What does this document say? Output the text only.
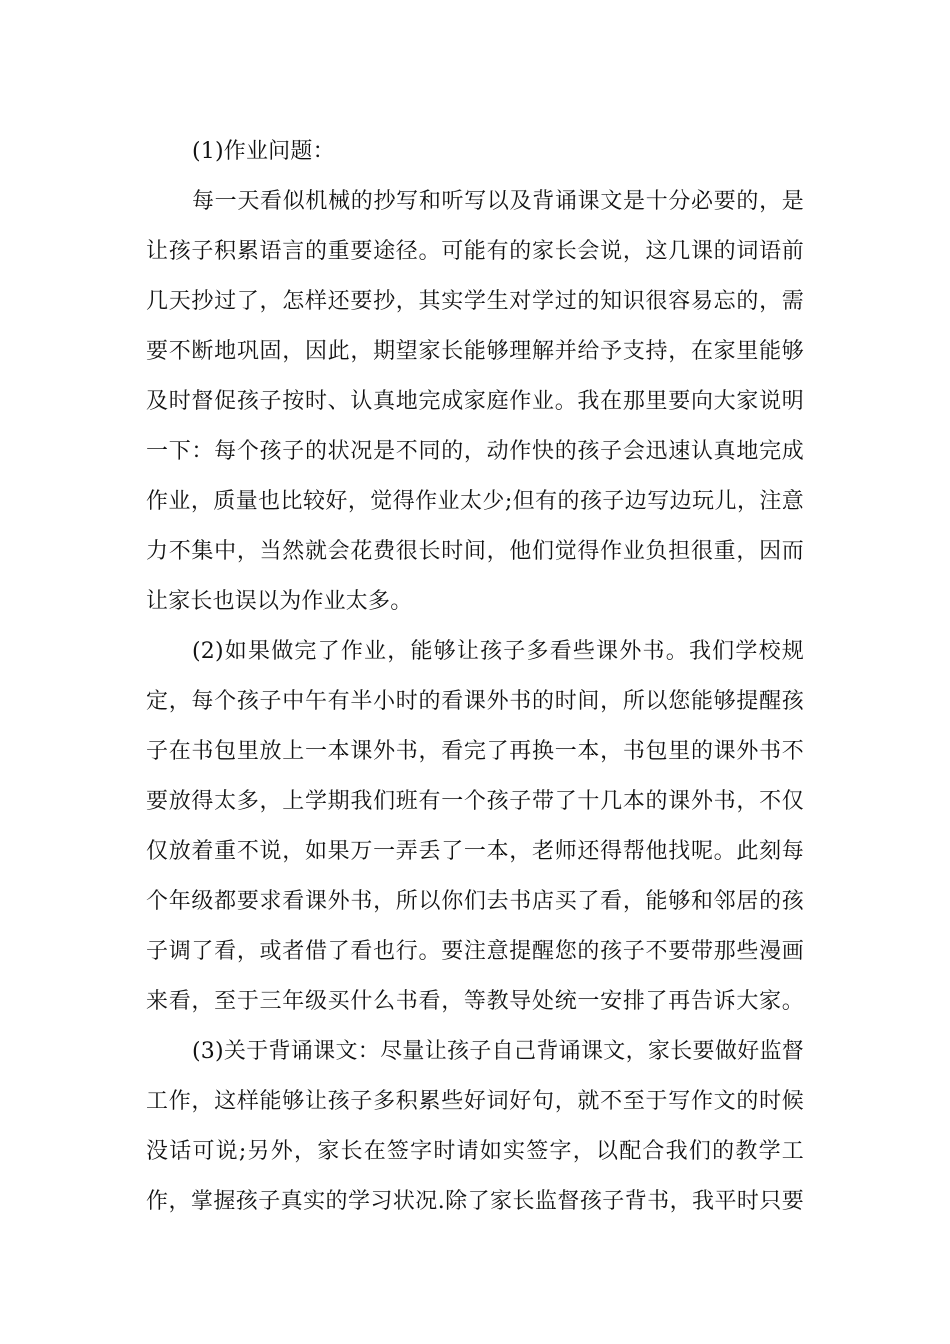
(1)作业问题：
每一天看似机械的抄写和听写以及背诵课文是十分必要的，是
让孩子积累语言的重要途径。可能有的家长会说，这几课的词语前
几天抄过了，怎样还要抄，其实学生对学过的知识很容易忘的，需
要不断地巩固，因此，期望家长能够理解并给予支持，在家里能够
及时督促孩子按时、认真地完成家庭作业。我在那里要向大家说明
一下：每个孩子的状况是不同的，动作快的孩子会迅速认真地完成
作业，质量也比较好，觉得作业太少;但有的孩子边写边玩儿，注意
力不集中，当然就会花费很长时间，他们觉得作业负担很重，因而
让家长也误以为作业太多。
(2)如果做完了作业，能够让孩子多看些课外书。我们学校规
定，每个孩子中午有半小时的看课外书的时间，所以您能够提醒孩
子在书包里放上一本课外书，看完了再换一本，书包里的课外书不
要放得太多，上学期我们班有一个孩子带了十几本的课外书，不仅
仅放着重不说，如果万一弄丢了一本，老师还得帮他找呢。此刻每
个年级都要求看课外书，所以你们去书店买了看，能够和邻居的孩
子调了看，或者借了看也行。要注意提醒您的孩子不要带那些漫画
来看，至于三年级买什么书看，等教导处统一安排了再告诉大家。
(3)关于背诵课文：尽量让孩子自己背诵课文，家长要做好监督
工作，这样能够让孩子多积累些好词好句，就不至于写作文的时候
没话可说;另外，家长在签字时请如实签字，以配合我们的教学工
作，掌握孩子真实的学习状况.除了家长监督孩子背书，我平时只要
